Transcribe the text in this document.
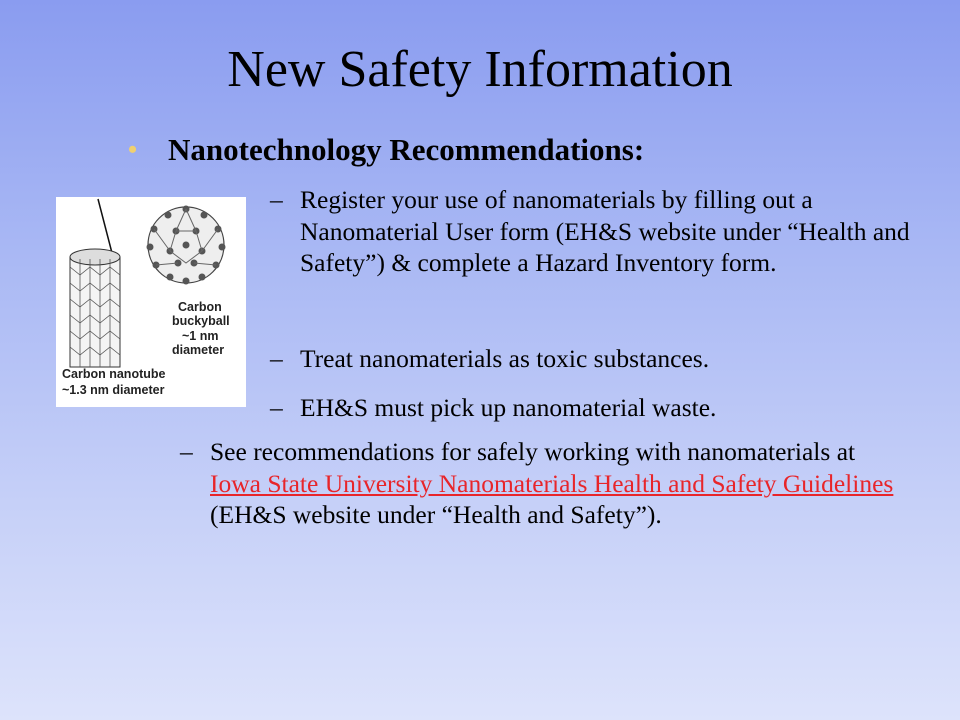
New Safety Information
• Nanotechnology Recommendations:
Carbon
buckyball
~1 nm
diameter
Carbon nanotube
~1.3 nm diameter
– Register your use of nanomaterials by filling out a Nanomaterial User form (EH&S website under “Health and Safety”) & complete a Hazard Inventory form.
– Treat nanomaterials as toxic substances.
– EH&S must pick up nanomaterial waste.
– See recommendations for safely working with nanomaterials at Iowa State University Nanomaterials Health and Safety Guidelines (EH&S website under “Health and Safety”).
